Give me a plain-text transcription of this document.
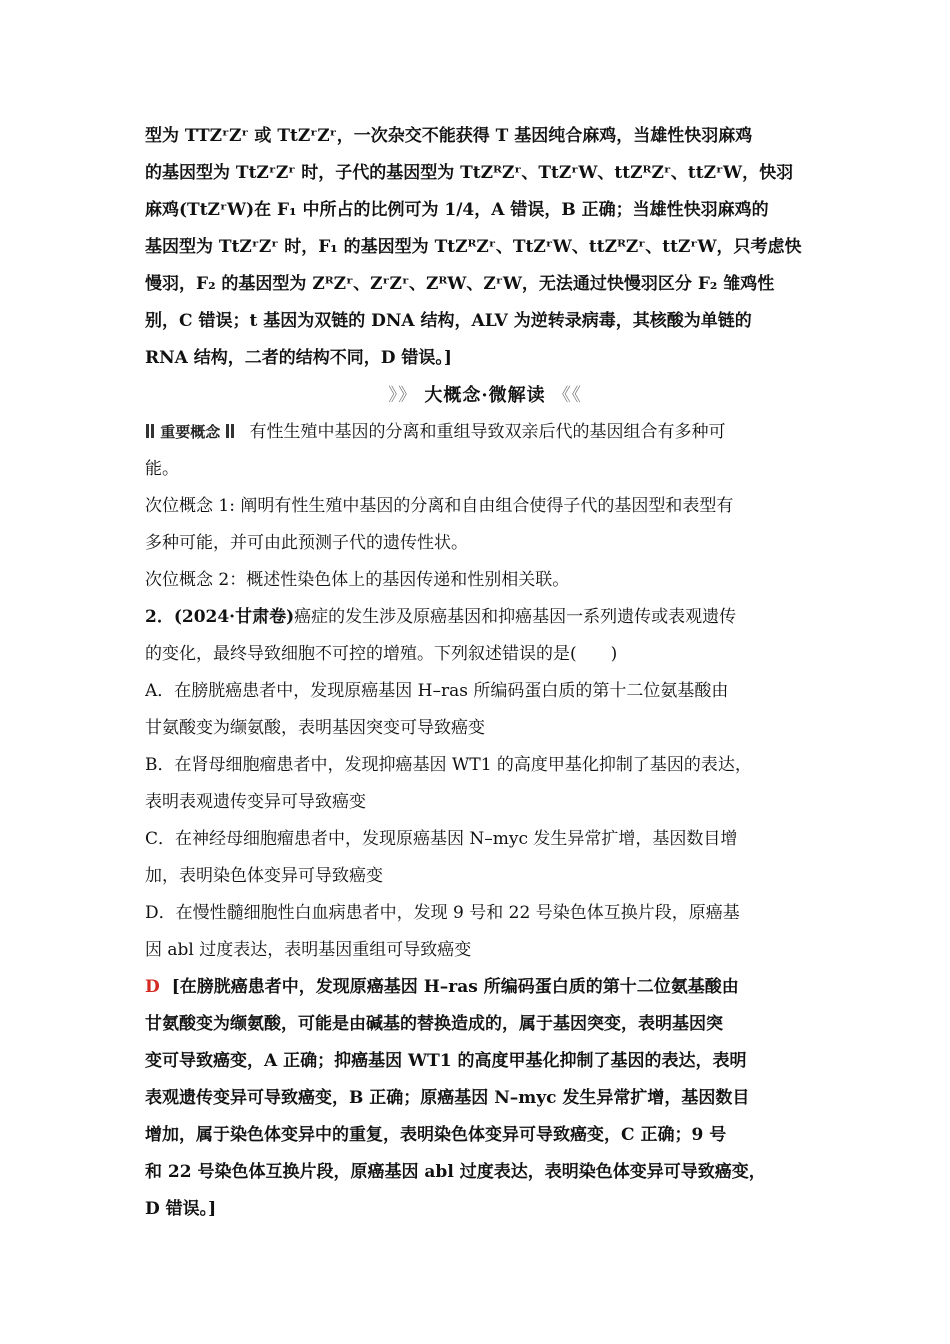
型为 TTZʳZʳ 或 TtZʳZʳ，一次杂交不能获得 T 基因纯合麻鸡，当雄性快羽麻鸡
的基因型为 TtZʳZʳ 时，子代的基因型为 TtZᴿZʳ、TtZʳW、ttZᴿZʳ、ttZʳW，快羽
麻鸡(TtZʳW)在 F₁ 中所占的比例可为 1/4，A 错误，B 正确；当雄性快羽麻鸡的
基因型为 TtZʳZʳ 时，F₁ 的基因型为 TtZᴿZʳ、TtZʳW、ttZᴿZʳ、ttZʳW，只考虑快
慢羽，F₂ 的基因型为 ZᴿZʳ、ZʳZʳ、ZᴿW、ZʳW，无法通过快慢羽区分 F₂ 雏鸡性
别，C 错误；t 基因为双链的 DNA 结构，ALV 为逆转录病毒，其核酸为单链的
RNA 结构，二者的结构不同，D 错误。]
》》 大概念·微解读 《《
重要概念 有性生殖中基因的分离和重组导致双亲后代的基因组合有多种可
能。
次位概念 1: 阐明有性生殖中基因的分离和自由组合使得子代的基因型和表型有
多种可能，并可由此预测子代的遗传性状。
次位概念 2：概述性染色体上的基因传递和性别相关联。
2．(2024·甘肃卷)癌症的发生涉及原癌基因和抑癌基因一系列遗传或表观遗传
的变化，最终导致细胞不可控的增殖。下列叙述错误的是(　　)
A．在膀胱癌患者中，发现原癌基因 H–ras 所编码蛋白质的第十二位氨基酸由
甘氨酸变为缬氨酸，表明基因突变可导致癌变
B．在肾母细胞瘤患者中，发现抑癌基因 WT1 的高度甲基化抑制了基因的表达，
表明表观遗传变异可导致癌变
C．在神经母细胞瘤患者中，发现原癌基因 N–myc 发生异常扩增，基因数目增
加，表明染色体变异可导致癌变
D．在慢性髓细胞性白血病患者中，发现 9 号和 22 号染色体互换片段，原癌基
因 abl 过度表达，表明基因重组可导致癌变
D [在膀胱癌患者中，发现原癌基因 H–ras 所编码蛋白质的第十二位氨基酸由
甘氨酸变为缬氨酸，可能是由碱基的替换造成的，属于基因突变，表明基因突
变可导致癌变，A 正确；抑癌基因 WT1 的高度甲基化抑制了基因的表达，表明
表观遗传变异可导致癌变，B 正确；原癌基因 N–myc 发生异常扩增，基因数目
增加，属于染色体变异中的重复，表明染色体变异可导致癌变，C 正确；9 号
和 22 号染色体互换片段，原癌基因 abl 过度表达，表明染色体变异可导致癌变，
D 错误。]
